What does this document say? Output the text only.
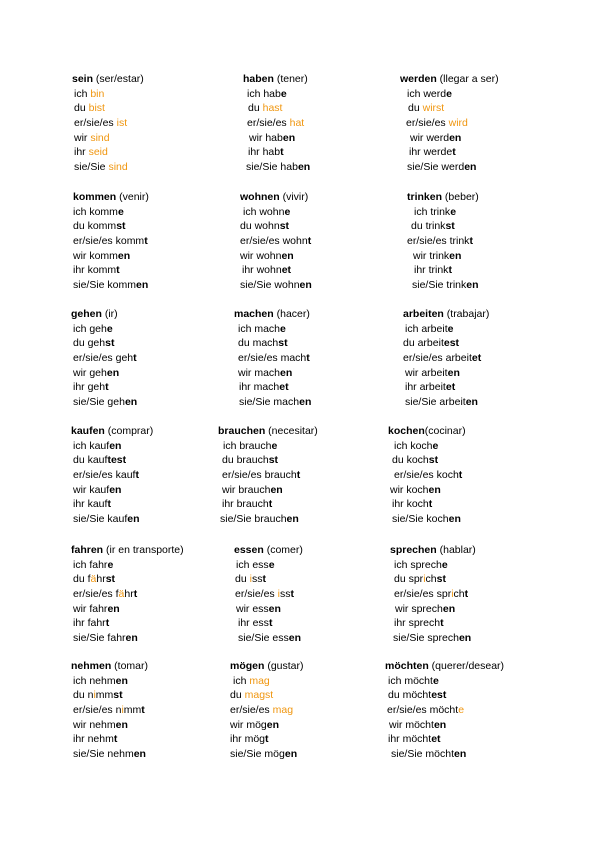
sein (ser/estar)
ich bin
du bist
er/sie/es ist
wir sind
ihr seid
sie/Sie sind
haben (tener)
ich habe
du hast
er/sie/es hat
wir haben
ihr habt
sie/Sie haben
werden (llegar a ser)
ich werde
du wirst
er/sie/es wird
wir werden
ihr werdet
sie/Sie werden
kommen (venir)
ich komme
du kommst
er/sie/es kommt
wir kommen
ihr kommt
sie/Sie kommen
wohnen (vivir)
ich wohne
du wohnst
er/sie/es wohnt
wir wohnen
ihr wohnet
sie/Sie wohnen
trinken (beber)
ich trinke
du trinkst
er/sie/es trinkt
wir trinken
ihr trinkt
sie/Sie trinken
gehen (ir)
ich gehe
du gehst
er/sie/es geht
wir gehen
ihr geht
sie/Sie gehen
machen (hacer)
ich mache
du machst
er/sie/es macht
wir machen
ihr machet
sie/Sie machen
arbeiten (trabajar)
ich arbeite
du arbeitest
er/sie/es arbeitet
wir arbeiten
ihr arbeitet
sie/Sie arbeiten
kaufen (comprar)
ich kaufen
du kauftest
er/sie/es kauft
wir kaufen
ihr kauft
sie/Sie kaufen
brauchen (necesitar)
ich brauche
du brauchst
er/sie/es braucht
wir brauchen
ihr braucht
sie/Sie brauchen
kochen(cocinar)
ich koche
du kochst
er/sie/es kocht
wir kochen
ihr kocht
sie/Sie kochen
fahren (ir en transporte)
ich fahre
du fährst
er/sie/es fährt
wir fahren
ihr fahrt
sie/Sie fahren
essen (comer)
ich esse
du isst
er/sie/es isst
wir essen
ihr esst
sie/Sie essen
sprechen (hablar)
ich spreche
du sprichst
er/sie/es spricht
wir sprechen
ihr sprecht
sie/Sie sprechen
nehmen (tomar)
ich nehmen
du nimmst
er/sie/es nimmt
wir nehmen
ihr nehmt
sie/Sie nehmen
mögen (gustar)
ich mag
du magst
er/sie/es mag
wir mögen
ihr mögt
sie/Sie mögen
möchten (querer/desear)
ich möchte
du möchtest
er/sie/es möchte
wir möchten
ihr möchtet
sie/Sie möchten
